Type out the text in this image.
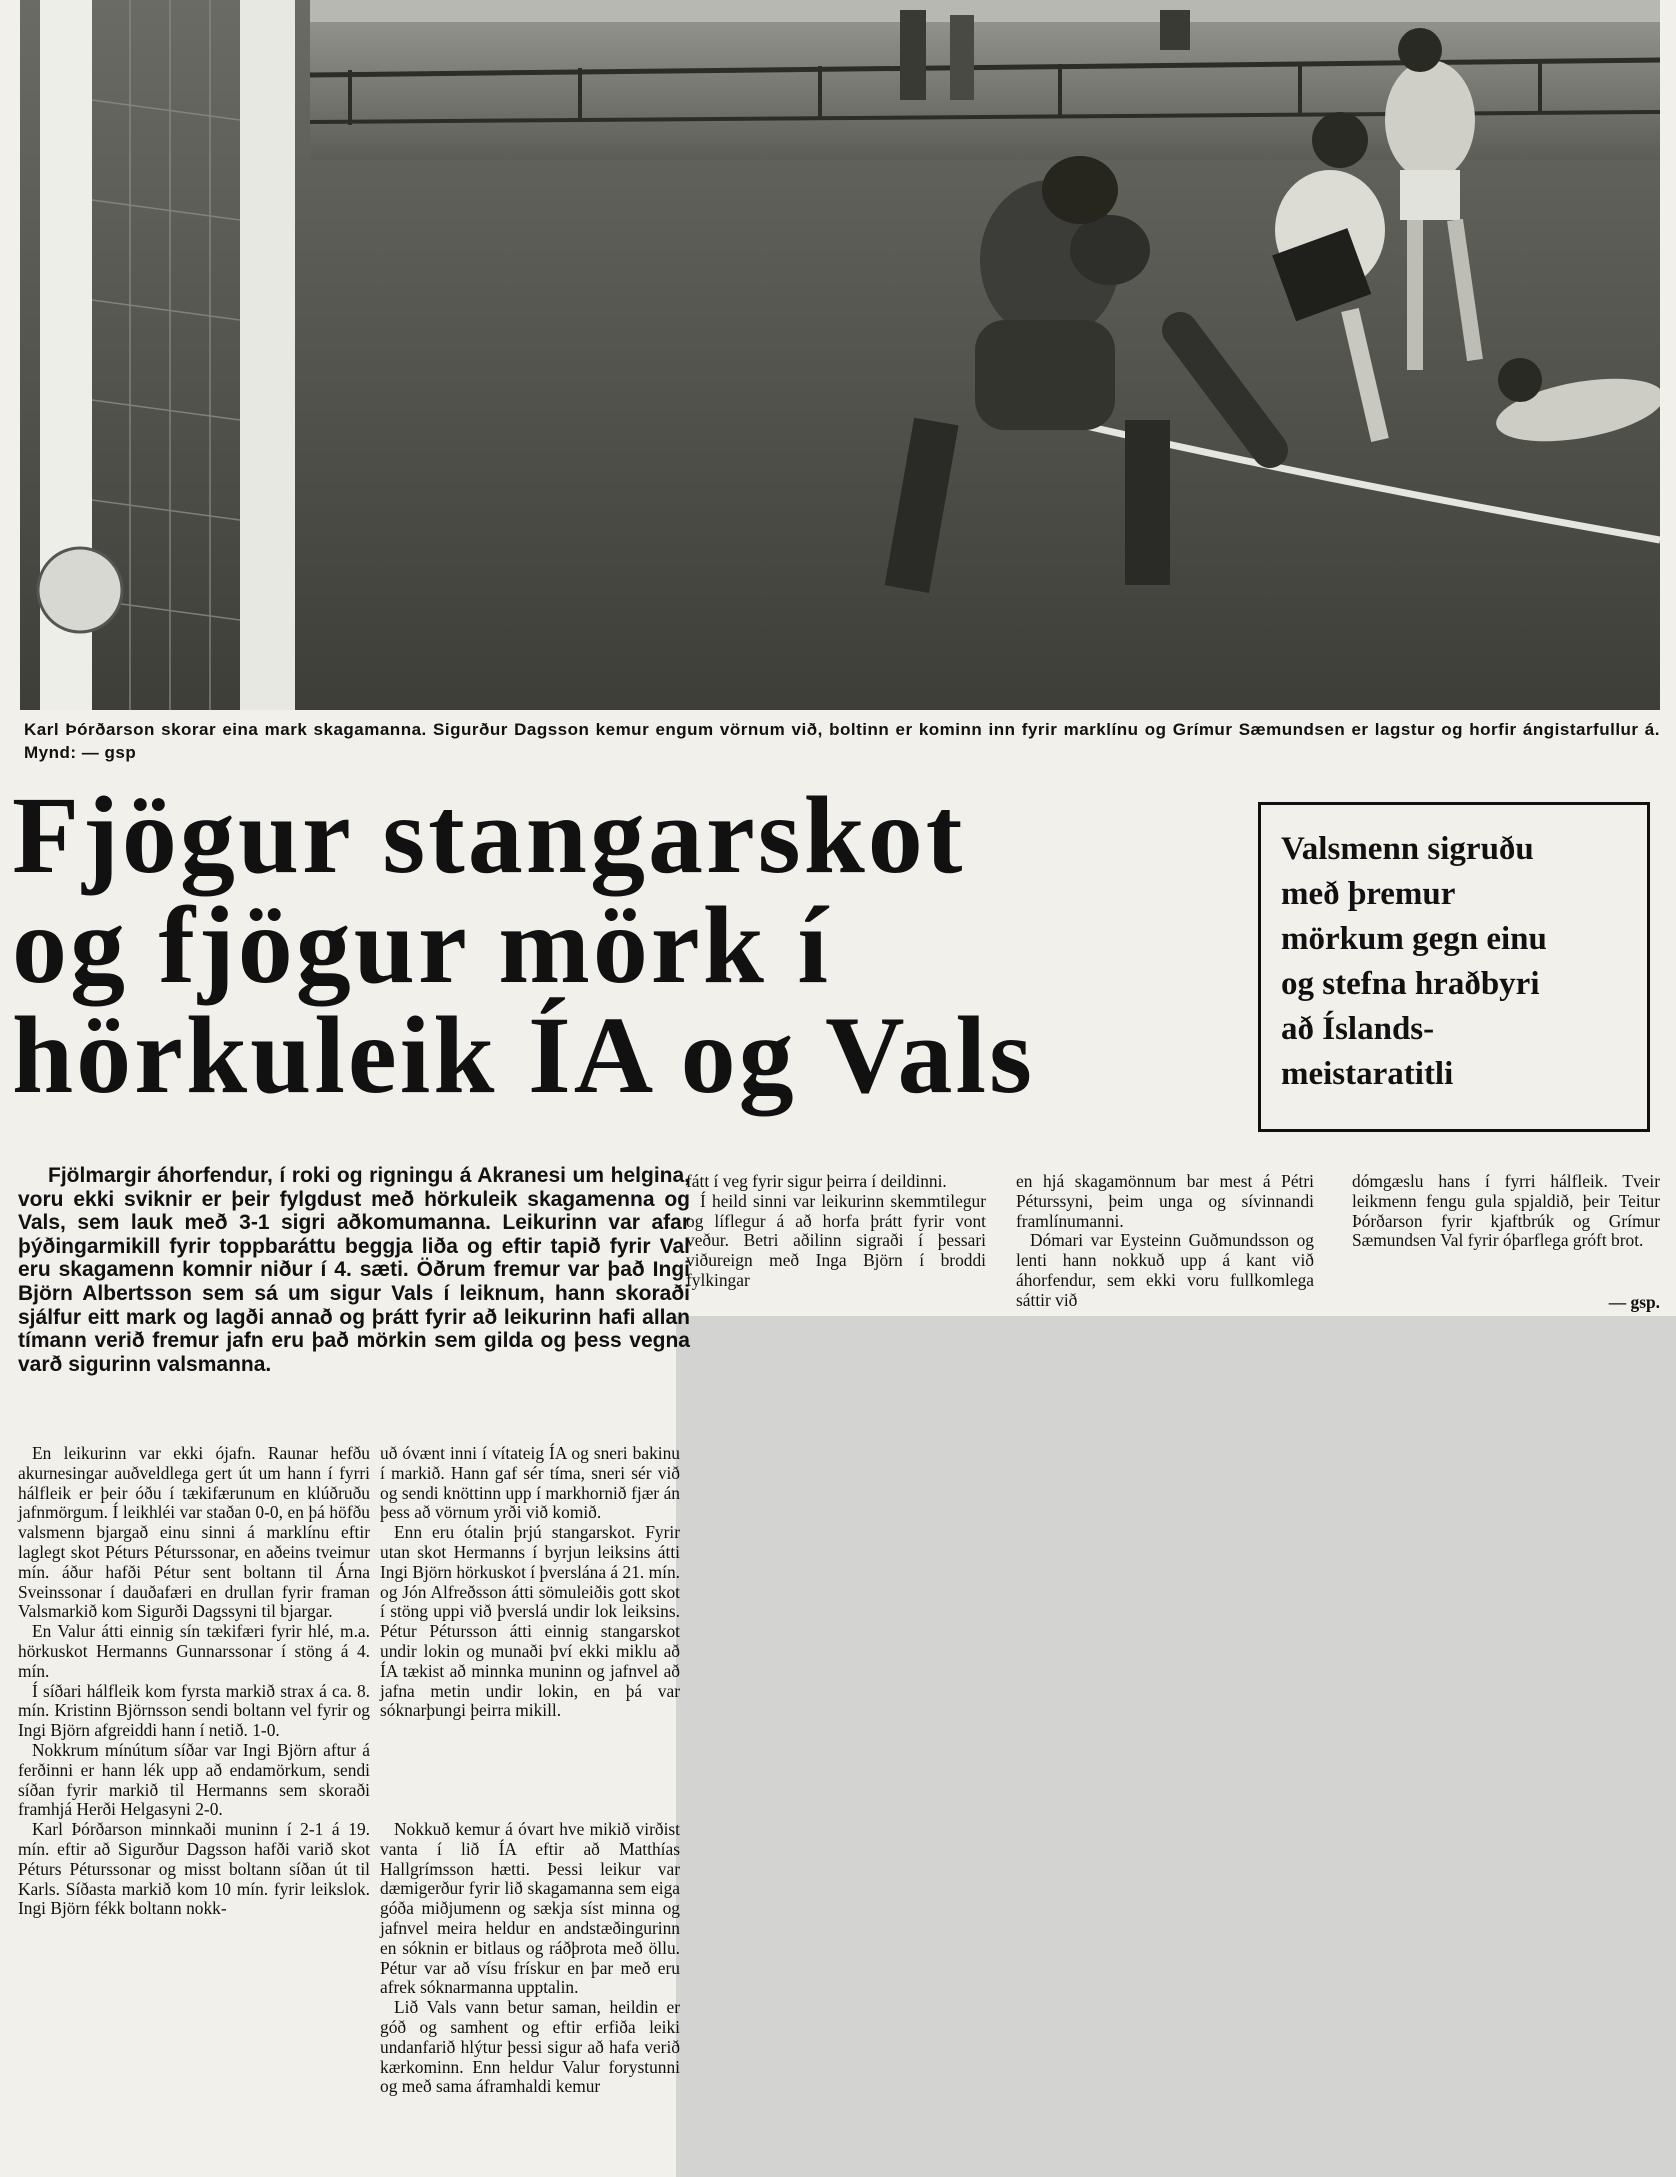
Karl Þórðarson skorar eina mark skagamanna. Sigurður Dagsson kemur engum vörnum við, boltinn er kominn inn fyrir marklínu og Grímur Sæmundsen er lagstur og horfir ángistarfullur á. Mynd: — gsp

Fjögur stangarskot
og fjögur mörk í
hörkuleik ÍA og Vals
Valsmenn sigruðu
með þremur
mörkum gegn einu
og stefna hraðbyri
að Íslands-
meistaratitli

Fjölmargir áhorfendur, í roki og rigningu á Akranesi um helgina, voru ekki sviknir er þeir fylgdust með hörkuleik skagamenna og Vals, sem lauk með 3-1 sigri aðkomumanna. Leikurinn var afar þýðingarmikill fyrir toppbaráttu beggja liða og eftir tapið fyrir Val eru skagamenn komnir niður í 4. sæti. Öðrum fremur var það Ingi Björn Albertsson sem sá um sigur Vals í leiknum, hann skoraði sjálfur eitt mark og lagði annað og þrátt fyrir að leikurinn hafi allan tímann verið fremur jafn eru það mörkin sem gilda og þess vegna varð sigurinn valsmanna.

En leikurinn var ekki ójafn. Raunar hefðu akurnesingar auðveldlega gert út um hann í fyrri hálfleik er þeir óðu í tækifærunum en klúðruðu jafnmörgum. Í leikhléi var staðan 0-0, en þá höfðu valsmenn bjargað einu sinni á marklínu eftir laglegt skot Péturs Péturssonar, en aðeins tveimur mín. áður hafði Pétur sent boltann til Árna Sveinssonar í dauðafæri en drullan fyrir framan Valsmarkið kom Sigurði Dagssyni til bjargar.

En Valur átti einnig sín tækifæri fyrir hlé, m.a. hörkuskot Hermanns Gunnarssonar í stöng á 4. mín.

Í síðari hálfleik kom fyrsta markið strax á ca. 8. mín. Kristinn Björnsson sendi boltann vel fyrir og Ingi Björn afgreiddi hann í netið. 1-0.

Nokkrum mínútum síðar var Ingi Björn aftur á ferðinni er hann lék upp að endamörkum, sendi síðan fyrir markið til Hermanns sem skoraði framhjá Herði Helgasyni 2-0.

Karl Þórðarson minnkaði muninn í 2-1 á 19. mín. eftir að Sigurður Dagsson hafði varið skot Péturs Péturssonar og misst boltann síðan út til Karls. Síðasta markið kom 10 mín. fyrir leikslok. Ingi Björn fékk boltann nokk-

uð óvænt inni í vítateig ÍA og sneri bakinu í markið. Hann gaf sér tíma, sneri sér við og sendi knöttinn upp í markhornið fjær án þess að vörnum yrði við komið.

Enn eru ótalin þrjú stangarskot. Fyrir utan skot Hermanns í byrjun leiksins átti Ingi Björn hörkuskot í þverslána á 21. mín. og Jón Alfreðsson átti sömuleiðis gott skot í stöng uppi við þverslá undir lok leiksins. Pétur Pétursson átti einnig stangarskot undir lokin og munaði því ekki miklu að ÍA tækist að minnka muninn og jafnvel að jafna metin undir lokin, en þá var sóknarþungi þeirra mikill.

Nokkuð kemur á óvart hve mikið virðist vanta í lið ÍA eftir að Matthías Hallgrímsson hætti. Þessi leikur var dæmigerður fyrir lið skagamanna sem eiga góða miðjumenn og sækja síst minna og jafnvel meira heldur en andstæðingurinn en sóknin er bitlaus og ráðþrota með öllu. Pétur var að vísu frískur en þar með eru afrek sóknarmanna upptalin.

Lið Vals vann betur saman, heildin er góð og samhent og eftir erfiða leiki undanfarið hlýtur þessi sigur að hafa verið kærkominn. Enn heldur Valur forystunni og með sama áframhaldi kemur

fátt í veg fyrir sigur þeirra í deildinni.

Í heild sinni var leikurinn skemmtilegur og líflegur á að horfa þrátt fyrir vont veður. Betri aðilinn sigraði í þessari viðureign með Inga Björn í broddi fylkingar

en hjá skagamönnum bar mest á Pétri Péturssyni, þeim unga og sívinnandi framlínumanni.

Dómari var Eysteinn Guðmundsson og lenti hann nokkuð upp á kant við áhorfendur, sem ekki voru fullkomlega sáttir við

dómgæslu hans í fyrri hálfleik. Tveir leikmenn fengu gula spjaldið, þeir Teitur Þórðarson fyrir kjaftbrúk og Grímur Sæmundsen Val fyrir óþarflega gróft brot.

— gsp.
